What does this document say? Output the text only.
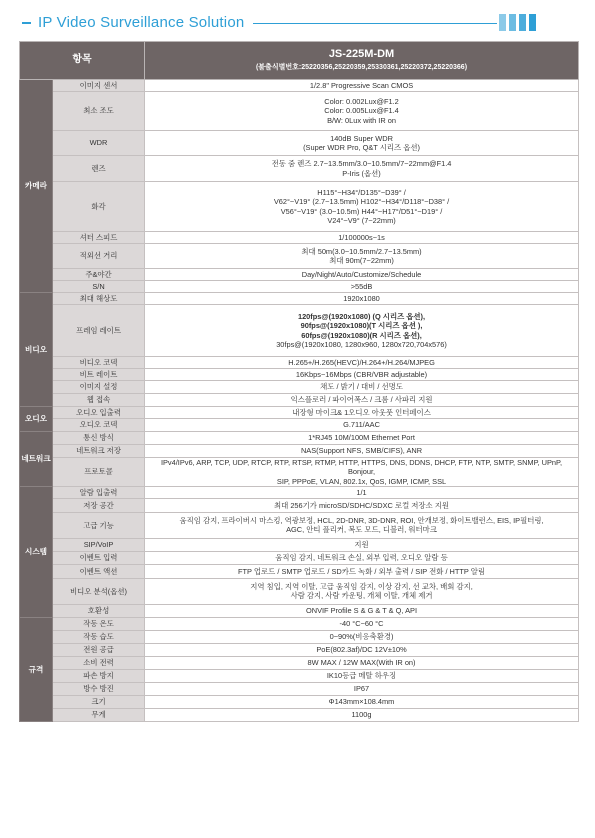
IP Video Surveillance Solution
항목		JS-225M-DM
(불출식별번호:25220356,25220359,25330361,25220372,25220366)

카메라	이미지 센서	1/2.8" Progressive Scan CMOS

	최소 조도	Color: 0.002Lux@F1.2
Color: 0.005Lux@F1.4
B/W: 0Lux with IR on

	WDR	140dB Super WDR
(Super WDR Pro, Q&T 시리즈 옵션)

	렌즈	전동 줌 렌즈 2.7~13.5mm/3.0~10.5mm/7~22mm@F1.4
P-Iris (옵션)

	화각	H115°~H34°/D135°~D39° /
V62°~V19° (2.7~13.5mm) H102°~H34°/D118°~D38° /
V56°~V19° (3.0~10.5m) H44°~H17°/D51°~D19° /
V24°~V9° (7~22mm)

	셔터 스피드	1/100000s~1s

	적외선 거리	최대 50m(3.0~10.5mm/2.7~13.5mm)
최대 90m(7~22mm)

	주&야간	Day/Night/Auto/Customize/Schedule

	S/N	>55dB

비디오	최대 해상도	1920x1080

	프레임 레이트	120fps@(1920x1080) (Q 시리즈 옵션),
90fps@(1920x1080)(T 시리즈 옵션 ),
60fps@(1920x1080)(R 시리즈 옵션),
30fps@(1920x1080, 1280x960, 1280x720,704x576)

	비디오 코덱	H.265+/H.265(HEVC)/H.264+/H.264/MJPEG

	비트 레이트	16Kbps~16Mbps (CBR/VBR adjustable)

	이미지 설정	채도 / 밝기 / 대비 / 선명도

	웹 접속	익스플로러 / 파이어폭스 / 크롬 / 사파리 지원

오디오	오디오 입출력	내장형 마이크& 1오디오 아웃풋 인터페이스

	오디오 코덱	G.711/AAC

네트워크	통신 방식	1*RJ45 10M/100M Ethernet Port

	네트워크 저장	NAS(Support NFS, SMB/CIFS), ANR

	프로토콜	IPv4/IPv6, ARP, TCP, UDP, RTCP, RTP, RTSP, RTMP, HTTP, HTTPS, DNS, DDNS, DHCP, FTP, NTP, SMTP, SNMP, UPnP, Bonjour,
SIP, PPPoE, VLAN, 802.1x, QoS, IGMP, ICMP, SSL

시스템	알람 입출력	1/1

	저장 공간	최대 256기가 microSD/SDHC/SDXC 로컬 저장소 지원

	고급 기능	움직임 감지, 프라이버시 마스킹, 역광보정, HCL, 2D-DNR, 3D-DNR, ROI, 안개보정, 화이트밸런스, EIS, IP필터링,
AGC, 안티 플리커, 복도 모드, 디블러, 워터마크

	SIP/VoIP	지원

	이벤트 입력	움직임 감지, 네트워크 손실, 외부 입력, 오디오 알람 등

	이벤트 액션	FTP 업로드 / SMTP 업로드 / SD카드 녹화 / 외부 출력 / SIP 전화 / HTTP 알림

	비디오 분석(옵션)	지역 침입, 지역 이탈, 고급 움직임 감지, 이상 감지, 선 교차, 배회 감지,
사람 감지, 사람 카운팅, 개체 이탈, 개체 제거

	호환성	ONVIF Profile S & G & T & Q, API

규격	작동 온도	-40 °C~60 °C

	작동 습도	0~90%(비응축환경)

	전원 공급	PoE(802.3af)/DC 12V±10%

	소비 전력	8W MAX / 12W MAX(With IR on)

	파손 방지	IK10등급 메탈 하우징

	방수 방진	IP67

	크기	Φ143mm×108.4mm

	무게	1100g
